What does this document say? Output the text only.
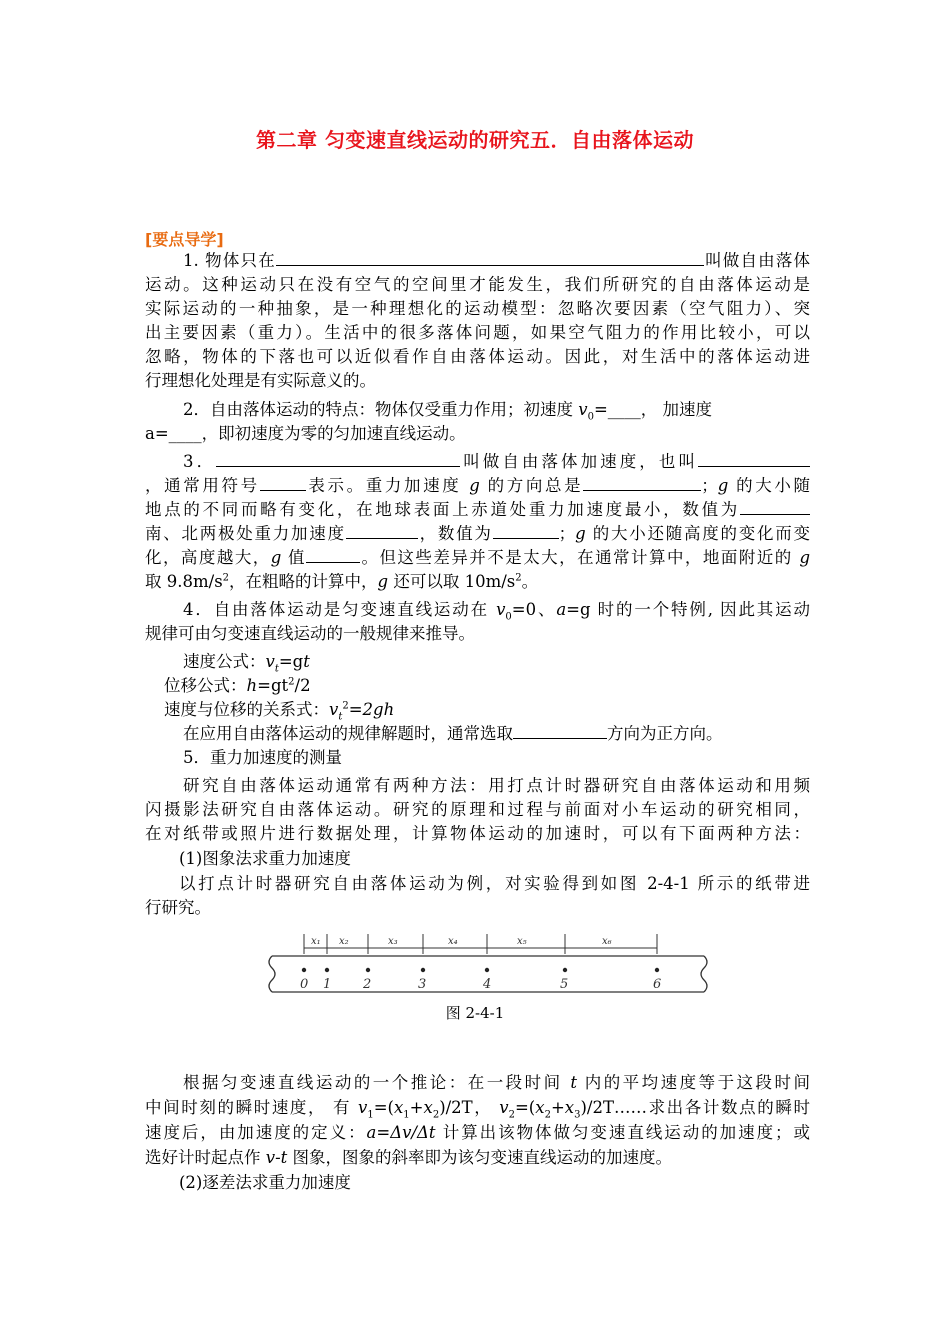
第二章 匀变速直线运动的研究五．自由落体运动
[要点导学]
1. 物体只在	叫做自由落体
运动。这种运动只在没有空气的空间里才能发生，我们所研究的自由落体运动是
实际运动的一种抽象，是一种理想化的运动模型：忽略次要因素（空气阻力）、突
出主要因素（重力）。生活中的很多落体问题，如果空气阻力的作用比较小，可以
忽略，物体的下落也可以近似看作自由落体运动。因此，对生活中的落体运动进
行理想化处理是有实际意义的。
2．自由落体运动的特点：物体仅受重力作用；初速度 $v_0=\_\_\_\_$， 加速度
a=____，即初速度为零的匀加速直线运动。
3．	叫做自由落体加速度，也叫
，通常用符号	表示。重力加速度 g 的方向总是	；g 的大小随
地点的不同而略有变化，在地球表面上赤道处重力加速度最小，数值为
南、北两极处重力加速度	，数值为	；g 的大小还随高度的变化而变
化，高度越大，g 值	。但这些差异并不是太大，在通常计算中，地面附近的 g
取 $9.8m/s^2$，在粗略的计算中，g 还可以取 $10m/s^2$。
4．自由落体运动是匀变速直线运动在 $v_0=0$、a=g 时的一个特例, 因此其运动
规律可由匀变速直线运动的一般规律来推导。
速度公式：$v_t=gt$
位移公式：$h=gt^2/2$
速度与位移的关系式：$v_t^2=2gh$
在应用自由落体运动的规律解题时，通常选取	方向为正方向。
5．重力加速度的测量
研究自由落体运动通常有两种方法：用打点计时器研究自由落体运动和用频
闪摄影法研究自由落体运动。研究的原理和过程与前面对小车运动的研究相同，
在对纸带或照片进行数据处理，计算物体运动的加速时，可以有下面两种方法：
(1)图象法求重力加速度
以打点计时器研究自由落体运动为例，对实验得到如图 2-4-1 所示的纸带进
行研究。
x₁ x₂	x₃	x₄	x₅	x₆
0 1 2	3	4	5	6
图 2-4-1
根据匀变速直线运动的一个推论：在一段时间 t 内的平均速度等于这段时间
中间时刻的瞬时速度， 有 $v_1=(x_1+x_2)/2T$， $v_2=(x_2+x_3)/2T\dots\dots$求出各计数点的瞬时
速度后，由加速度的定义：a=Δv/Δt 计算出该物体做匀变速直线运动的加速度；或
选好计时起点作 v-t 图象，图象的斜率即为该匀变速直线运动的加速度。
(2)逐差法求重力加速度
